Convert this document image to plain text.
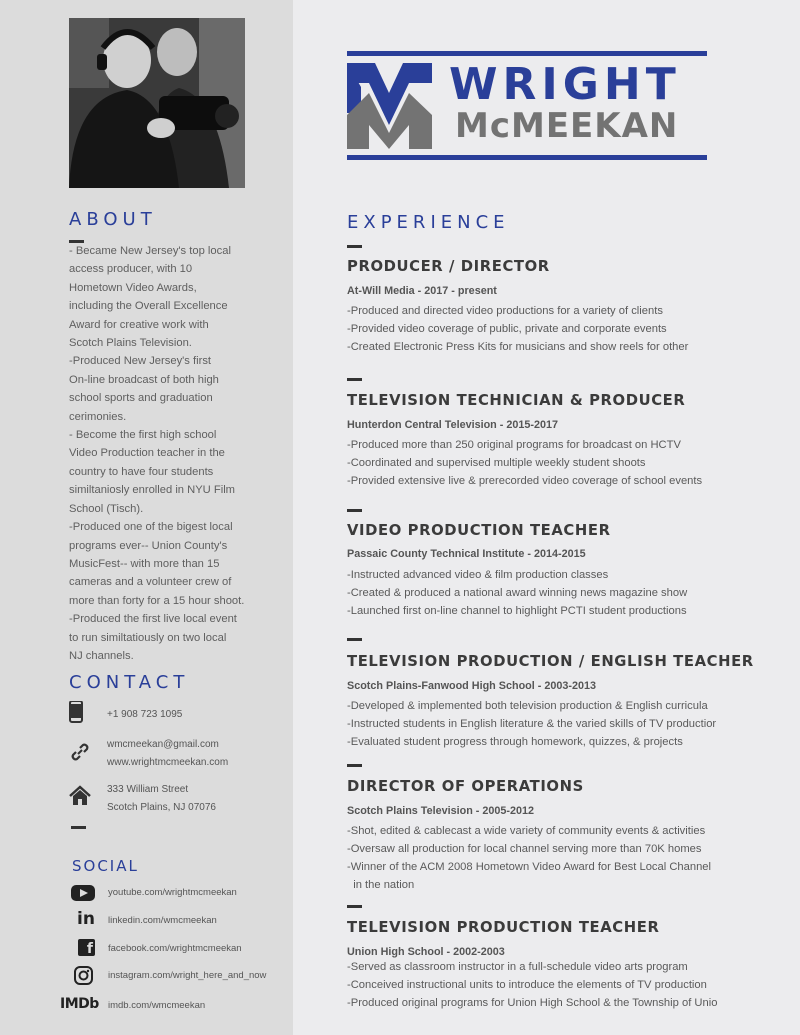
ABOUT
- Became New Jersey's top local
access producer, with 10
Hometown Video Awards,
including the Overall Excellence
Award for creative work with
Scotch Plains Television.
-Produced New Jersey's first
On-line broadcast of both high
school sports and graduation
cerimonies.
- Become the first high school
Video Production teacher in the
country to have four students
similtaniosly enrolled in NYU Film
School (Tisch).
-Produced one of the bigest local
programs ever-- Union County's
MusicFest-- with more than 15
cameras and a volunteer crew of
more than forty for a 15 hour shoot.
-Produced the first live local event
to run similtatiously on two local
NJ channels.
CONTACT
+1 908 723 1095
wmcmeekan@gmail.com
www.wrightmcmeekan.com
333 William Street
Scotch Plains, NJ 07076
SOCIAL
youtube.com/wrightmcmeekan
in	linkedin.com/wmcmeekan
f facebook.com/wrightmcmeekan
instagram.com/wright_here_and_now
IMDb imdb.com/wmcmeekan
WRIGHT
McMEEKAN
EXPERIENCE
PRODUCER / DIRECTOR
At-Will Media - 2017 - present
-Produced and directed video productions for a variety of clients
-Provided video coverage of public, private and corporate events
-Created Electronic Press Kits for musicians and show reels for other
TELEVISION TECHNICIAN & PRODUCER
Hunterdon Central Television - 2015-2017
-Produced more than 250 original programs for broadcast on HCTV
-Coordinated and supervised multiple weekly student shoots
-Provided extensive live & prerecorded video coverage of school events
VIDEO PRODUCTION TEACHER
Passaic County Technical Institute - 2014-2015
-Instructed advanced video & film production classes
-Created & produced a national award winning news magazine show
-Launched first on-line channel to highlight PCTI student productions
TELEVISION PRODUCTION / ENGLISH TEACHER
Scotch Plains-Fanwood High School - 2003-2013
-Developed & implemented both television production & English curricula
-Instructed students in English literature & the varied skills of TV productior
-Evaluated student progress through homework, quizzes, & projects
DIRECTOR OF OPERATIONS
Scotch Plains Television - 2005-2012
-Shot, edited & cablecast a wide variety of community events & activities
-Oversaw all production for local channel serving more than 70K homes
-Winner of the ACM 2008 Hometown Video Award for Best Local Channel
in the nation
TELEVISION PRODUCTION TEACHER
Union High School - 2002-2003
-Served as classroom instructor in a full-schedule video arts program
-Conceived instructional units to introduce the elements of TV production
-Produced original programs for Union High School & the Township of Unio
